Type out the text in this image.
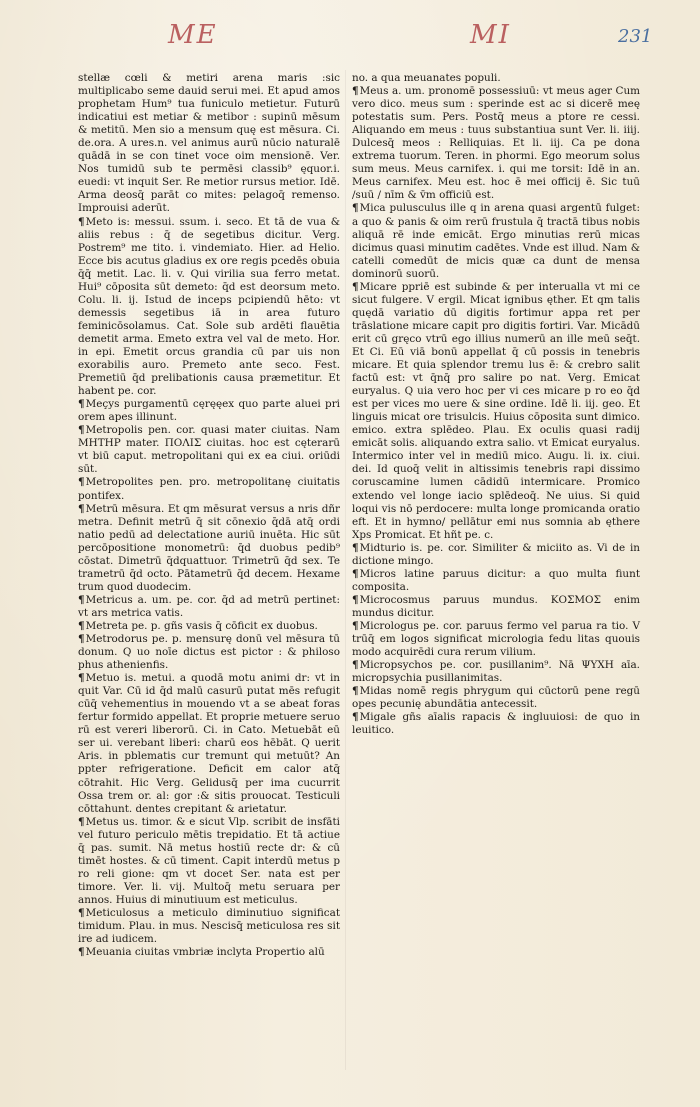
ME	MI	231

stellæ cœli & metiri arena maris :sic multiplicabo seme dauid serui mei. Et apud amos prophetam Hum⁹ tua funiculo metietur. Futurū indicatiui est metiar & metibor : supinū mēsum & metitū. Men sio a mensum quę est mēsura. Ci. de.ora. A ures.n. vel animus aurū nūcio naturalē quādā in se con tinet voce oim mensionē. Ver. Nos tumidū sub te permēsi classib⁹ ęquor.i. euedi: vt inquit Ser. Re metior rursus metior. Idē. Arma deosq̄ parāt co mites: pelagoq̄ remenso. Improuisi aderūt.

¶Meto is: messui. ssum. i. seco. Et tā de vua & aliis rebus : q̄ de segetibus dicitur. Verg. Postrem⁹ me tito. i. vindemiato. Hier. ad Helio. Ecce bis acutus gladius ex ore regis pcedēs obuia q̄q̄ metit. Lac. li. v. Qui virilia sua ferro metat. Hui⁹ cōposita sūt demeto: q̄d est deorsum meto. Colu. li. ij. Istud de inceps pcipiendū hēto: vt demessis segetibus iā in area futuro feminicōsolamus. Cat. Sole sub ardēti flauētia demetit arma. Emeto extra vel val de meto. Hor. in epi. Emetit orcus grandia cū par uis non exorabilis auro. Premeto ante seco. Fest. Premetiū q̄d prelibationis causa præmetitur. Et habent pe. cor.

¶Meçys purgamentū cęręęex quo parte aluei pri orem apes illinunt.

¶Metropolis pen. cor. quasi mater ciuitas. Nam ΜΗΤΗΡ mater. ΠΟΛΙΣ ciuitas. hoc est cęterarū vt biū caput. metropolitani qui ex ea ciui. oriūdi sūt.

¶Metropolites pen. pro. metropolitanę ciuitatis pontifex.

¶Metrū mēsura. Et qm mēsurat versus a nris dñr metra. Definit metrū q̄ sit cōnexio q̄dā atq̄ ordi natio pedū ad delectatione auriū inuēta. Hic sūt percōpositione monometrū: q̄d duobus pedib⁹ cōstat. Dimetrū q̄dquattuor. Trimetrū q̄d sex. Te trametrū q̄d octo. Pātametrū q̄d decem. Hexame trum quod duodecim.

¶Metricus a. um. pe. cor. q̄d ad metrū pertinet: vt ars metrica vatis.

¶Metreta pe. p. gñs vasis q̄ cōficit ex duobus.

¶Metrodorus pe. p. mensurę donū vel mēsura tū donum. Q uo noīe dictus est pictor : & philoso phus athenienfis.

¶Metuo is. metui. a quodā motu animi dr: vt in quit Var. Cū id q̄d malū casurū putat mēs refugit cūq̄ vehementius in mouendo vt a se abeat foras fertur formido appellat. Et proprie metuere seruo rū est vereri liberorū. Ci. in Cato. Metuebāt eū ser ui. verebant liberi: charū eos hēbāt. Q uerit Aris. in pblematis cur tremunt qui metuūt? An ppter refrigeratione. Deficit em calor atq̄ cōtrahit. Hic Verg. Gelidusq̄ per ima cucurrit Ossa trem or. al: gor :& sitis prouocat. Testiculi cōttahunt. dentes crepitant & arietatur.

¶Metus us. timor. & e sicut Vlp. scribit de insfāti vel futuro periculo mētis trepidatio. Et tā actiue q̄ pas. sumit. Nā metus hostiū recte dr: & cū timēt hostes. & cū timent. Capit interdū metus p ro reli gione: qm vt docet Ser. nata est per timore. Ver. li. vij. Multoq̄ metu seruara per annos. Huius di minutiuum est meticulus.

¶Meticulosus a meticulo diminutiuo significat timidum. Plau. in mus. Nescisq̄ meticulosa res sit ire ad iudicem.

¶Meuania ciuitas vmbriæ inclyta Propertio alū

no. a qua meuanates populi.

¶Meus a. um. pronomē possessiuū: vt meus ager Cum vero dico. meus sum : sperinde est ac si dicerē meę potestatis sum. Pers. Postq̄ meus a ptore re cessi. Aliquando em meus : tuus substantiua sunt Ver. li. iiij. Dulcesq̄ meos : Relliquias. Et li. iij. Ca pe dona extrema tuorum. Teren. in phormi. Ego meorum solus sum meus. Meus carnifex. i. qui me torsit: Idē in an. Meus carnifex. Meu est. hoc ē mei officij ē. Sic tuū /suū / nīm & v̄m officiū est.

¶Mica pulusculus ille q in arena quasi argentū fulget: a quo & panis & oim rerū frustula q̄ tractā tibus nobis aliquā rē inde emicāt. Ergo minutias rerū micas dicimus quasi minutim cadētes. Vnde est illud. Nam & catelli comedūt de micis quæ ca dunt de mensa dominorū suorū.

¶Micare ppriē est subinde & per interualla vt mi ce sicut fulgere. V ergil. Micat ignibus ęther. Et qm talis quędā variatio dū digitis fortimur appa ret per trāslatione micare capit pro digitis fortiri. Var. Micādū erit cū gręco vtrū ego illius numerū an ille meū seq̄t. Et Ci. Eū viā bonū appellat q̄ cū possis in tenebris micare. Et quia splendor tremu lus ē: & crebro salit factū est: vt q̄nq̄ pro salire po nat. Verg. Emicat euryalus. Q uia vero hoc per vi ces micare p ro eo q̄d est per vices mo uere & sine ordine. Idē li. iij. geo. Et linguis micat ore trisulcis. Huius cōposita sunt dimico. emico. extra splēdeo. Plau. Ex oculis quasi radij emicāt solis. aliquando extra salio. vt Emicat euryalus. Intermico inter vel in mediū mico. Augu. li. ix. ciui. dei. Id quoq̄ velit in altissimis tenebris rapi dissimo coruscamine lumen cādidū intermicare. Promico extendo vel longe iacio splēdeoq̄. Ne uius. Si quid loqui vis nō perdocere: multa longe promicanda oratio eft. Et in hymno/ pellātur emi nus somnia ab ęthere Xps Promicat. Et hñt pe. c.

¶Midturio is. pe. cor. Similiter & miciito as. Vi de in dictione mingo.

¶Micros latine paruus dicitur: a quo multa fiunt composita.

¶Microcosmus paruus mundus. ΚΟΣΜΟΣ enim mundus dicitur.

¶Micrologus pe. cor. paruus fermo vel parua ra tio. V trūq̄ em logos significat micrologia fedu litas quouis modo acquirēdi cura rerum vilium.

¶Micropsychos pe. cor. pusillanim⁹. Nā ΨΥΧΗ aīa. micropsychia pusillanimitas.

¶Midas nomē regis phrygum qui cūctorū pene regū opes pecunię abundātia antecessit.

¶Migale gñs aīalis rapacis & ingluuiosi: de quo in leuitico.
